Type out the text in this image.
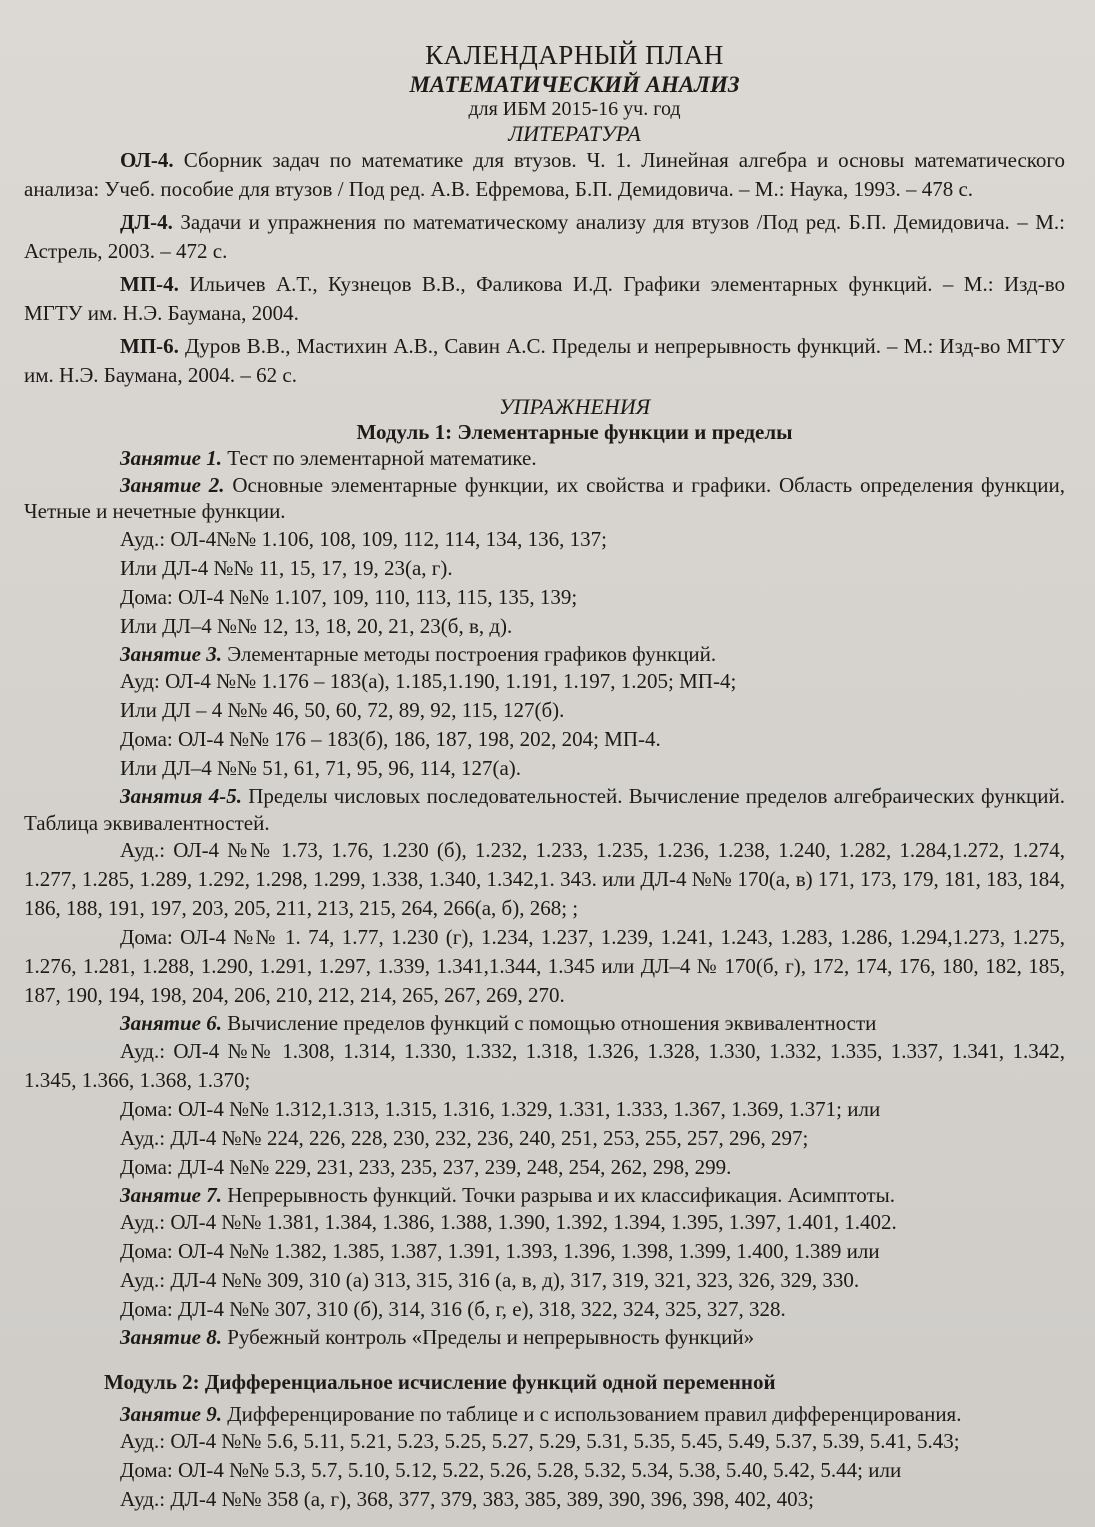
КАЛЕНДАРНЫЙ ПЛАН
МАТЕМАТИЧЕСКИЙ АНАЛИЗ
для ИБМ 2015-16 уч. год
ЛИТЕРАТУРА

ОЛ-4. Сборник задач по математике для втузов. Ч. 1. Линейная алгебра и основы математического анализа: Учеб. пособие для втузов / Под ред. А.В. Ефремова, Б.П. Демидовича. – М.: Наука, 1993. – 478 с.

ДЛ-4. Задачи и упражнения по математическому анализу для втузов /Под ред. Б.П. Демидовича. – М.: Астрель, 2003. – 472 с.

МП-4. Ильичев А.Т., Кузнецов В.В., Фаликова И.Д. Графики элементарных функций. – М.: Изд-во МГТУ им. Н.Э. Баумана, 2004.

МП-6. Дуров В.В., Мастихин А.В., Савин А.С. Пределы и непрерывность функций. – М.: Изд-во МГТУ им. Н.Э. Баумана, 2004. – 62 с.

УПРАЖНЕНИЯ
Модуль 1: Элементарные функции и пределы

Занятие 1. Тест по элементарной математике.

Занятие 2. Основные элементарные функции, их свойства и графики. Область определения функции, Четные и нечетные функции.

Ауд.: ОЛ-4№№ 1.106, 108, 109, 112, 114, 134, 136, 137;
Или ДЛ-4 №№ 11, 15, 17, 19, 23(а, г).
Дома: ОЛ-4 №№ 1.107, 109, 110, 113, 115, 135, 139;
Или ДЛ–4 №№ 12, 13, 18, 20, 21, 23(б, в, д).

Занятие 3. Элементарные методы построения графиков функций.

Ауд: ОЛ-4 №№ 1.176 – 183(а), 1.185,1.190, 1.191, 1.197, 1.205; МП-4;
Или ДЛ – 4 №№ 46, 50, 60, 72, 89, 92, 115, 127(б).
Дома: ОЛ-4 №№ 176 – 183(б), 186, 187, 198, 202, 204; МП-4.
Или ДЛ–4 №№ 51, 61, 71, 95, 96, 114, 127(а).

Занятия 4-5. Пределы числовых последовательностей. Вычисление пределов алгебраических функций. Таблица эквивалентностей.

Ауд.: ОЛ-4 №№ 1.73, 1.76, 1.230 (б), 1.232, 1.233, 1.235, 1.236, 1.238, 1.240, 1.282, 1.284,1.272, 1.274, 1.277, 1.285, 1.289, 1.292, 1.298, 1.299, 1.338, 1.340, 1.342,1. 343. или ДЛ-4 №№ 170(а, в) 171, 173, 179, 181, 183, 184, 186, 188, 191, 197, 203, 205, 211, 213, 215, 264, 266(а, б), 268; ;

Дома: ОЛ-4 №№ 1. 74, 1.77, 1.230 (г), 1.234, 1.237, 1.239, 1.241, 1.243, 1.283, 1.286, 1.294,1.273, 1.275, 1.276, 1.281, 1.288, 1.290, 1.291, 1.297, 1.339, 1.341,1.344, 1.345 или ДЛ–4 № 170(б, г), 172, 174, 176, 180, 182, 185, 187, 190, 194, 198, 204, 206, 210, 212, 214, 265, 267, 269, 270.

Занятие 6. Вычисление пределов функций с помощью отношения эквивалентности

Ауд.: ОЛ-4 №№ 1.308, 1.314, 1.330, 1.332, 1.318, 1.326, 1.328, 1.330, 1.332, 1.335, 1.337, 1.341, 1.342, 1.345, 1.366, 1.368, 1.370;

Дома: ОЛ-4 №№ 1.312,1.313, 1.315, 1.316, 1.329, 1.331, 1.333, 1.367, 1.369, 1.371; или
Ауд.: ДЛ-4 №№ 224, 226, 228, 230, 232, 236, 240, 251, 253, 255, 257, 296, 297;
Дома: ДЛ-4 №№ 229, 231, 233, 235, 237, 239, 248, 254, 262, 298, 299.

Занятие 7. Непрерывность функций. Точки разрыва и их классификация. Асимптоты.

Ауд.: ОЛ-4 №№ 1.381, 1.384, 1.386, 1.388, 1.390, 1.392, 1.394, 1.395, 1.397, 1.401, 1.402.
Дома: ОЛ-4 №№ 1.382, 1.385, 1.387, 1.391, 1.393, 1.396, 1.398, 1.399, 1.400, 1.389 или
Ауд.: ДЛ-4 №№ 309, 310 (а) 313, 315, 316 (а, в, д), 317, 319, 321, 323, 326, 329, 330.
Дома: ДЛ-4 №№ 307, 310 (б), 314, 316 (б, г, е), 318, 322, 324, 325, 327, 328.

Занятие 8. Рубежный контроль «Пределы и непрерывность функций»

Модуль 2: Дифференциальное исчисление функций одной переменной

Занятие 9. Дифференцирование по таблице и с использованием правил дифференцирования.

Ауд.: ОЛ-4 №№ 5.6, 5.11, 5.21, 5.23, 5.25, 5.27, 5.29, 5.31, 5.35, 5.45, 5.49, 5.37, 5.39, 5.41, 5.43;

Дома: ОЛ-4 №№ 5.3, 5.7, 5.10, 5.12, 5.22, 5.26, 5.28, 5.32, 5.34, 5.38, 5.40, 5.42, 5.44; или
Ауд.: ДЛ-4 №№ 358 (а, г), 368, 377, 379, 383, 385, 389, 390, 396, 398, 402, 403;
